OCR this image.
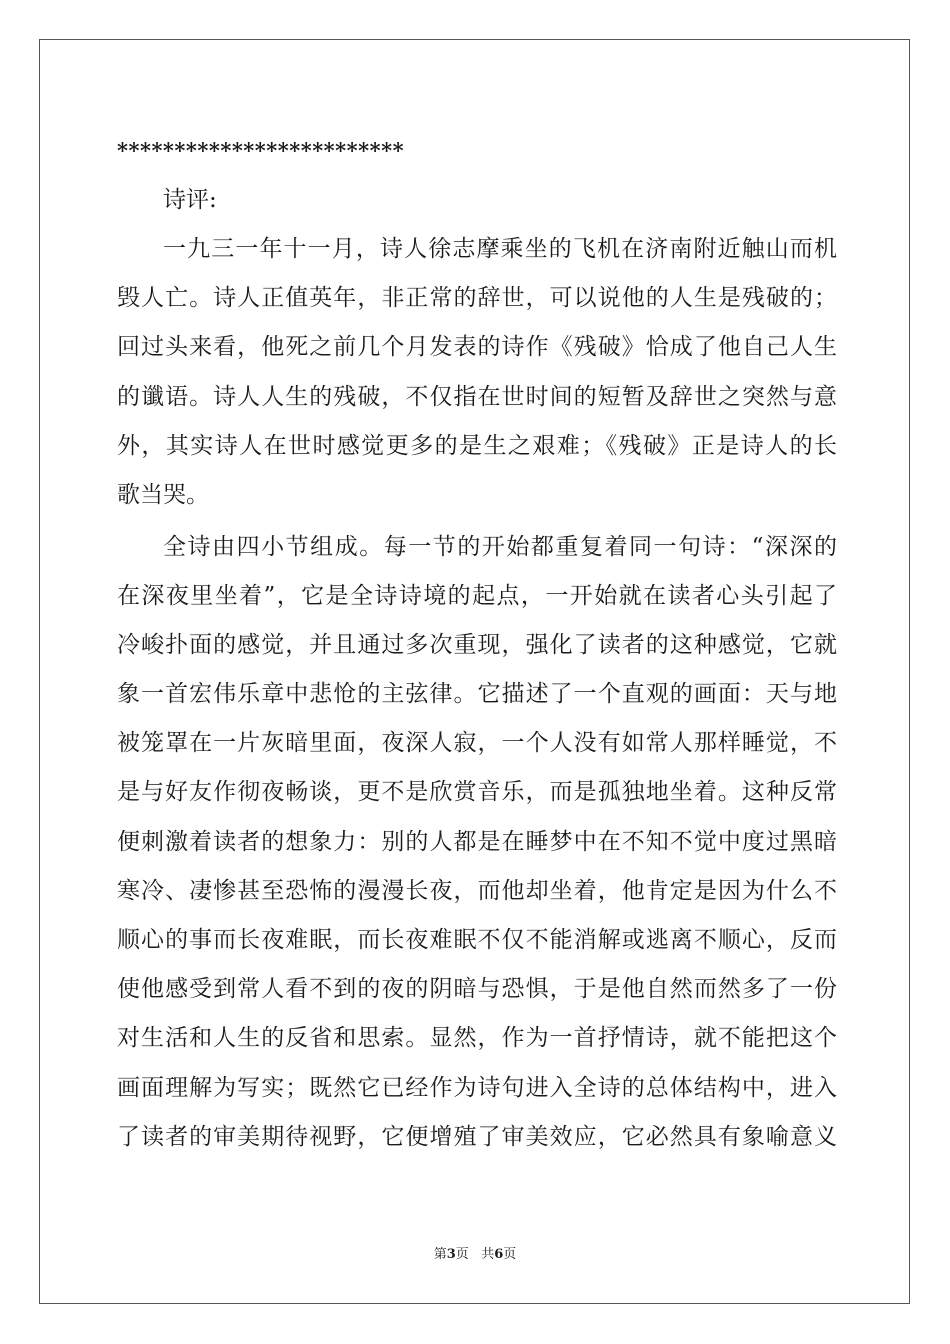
*************************
诗评:
一九三一年十一月，诗人徐志摩乘坐的飞机在济南附近触山而机
毁人亡。诗人正值英年，非正常的辞世，可以说他的人生是残破的；
回过头来看，他死之前几个月发表的诗作《残破》恰成了他自己人生
的谶语。诗人人生的残破，不仅指在世时间的短暂及辞世之突然与意
外，其实诗人在世时感觉更多的是生之艰难；《残破》正是诗人的长
歌当哭。
全诗由四小节组成。每一节的开始都重复着同一句诗：“深深的
在深夜里坐着”，它是全诗诗境的起点，一开始就在读者心头引起了
冷峻扑面的感觉，并且通过多次重现，强化了读者的这种感觉，它就
象一首宏伟乐章中悲怆的主弦律。它描述了一个直观的画面：天与地
被笼罩在一片灰暗里面，夜深人寂，一个人没有如常人那样睡觉，不
是与好友作彻夜畅谈，更不是欣赏音乐，而是孤独地坐着。这种反常
便刺激着读者的想象力：别的人都是在睡梦中在不知不觉中度过黑暗
寒冷、凄惨甚至恐怖的漫漫长夜，而他却坐着，他肯定是因为什么不
顺心的事而长夜难眠，而长夜难眠不仅不能消解或逃离不顺心，反而
使他感受到常人看不到的夜的阴暗与恐惧，于是他自然而然多了一份
对生活和人生的反省和思索。显然，作为一首抒情诗，就不能把这个
画面理解为写实；既然它已经作为诗句进入全诗的总体结构中，进入
了读者的审美期待视野，它便增殖了审美效应，它必然具有象喻意义
第3页 共6页
